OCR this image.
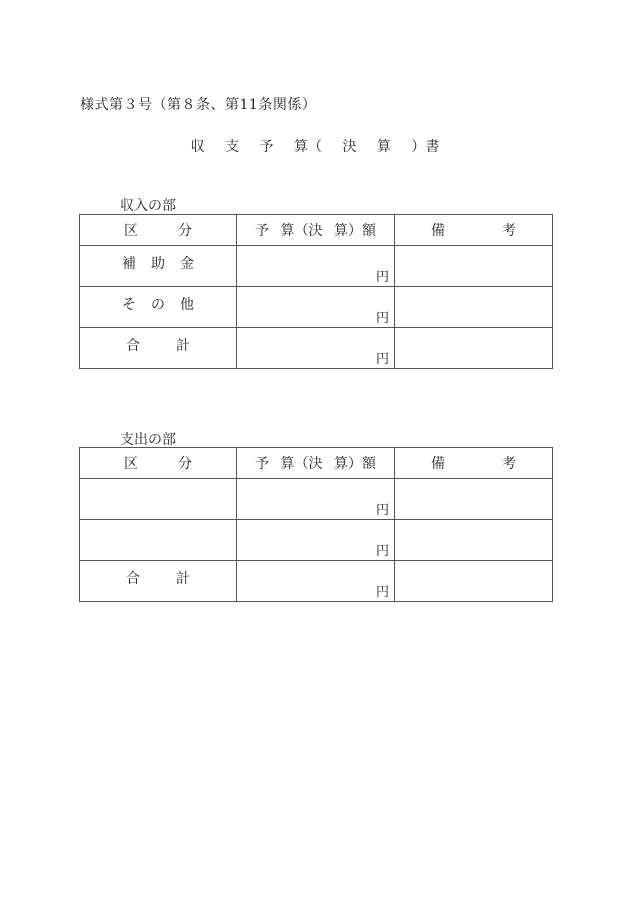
様式第３号（第８条、第11条関係）
収 支 予 算（ 決 算 ）書
収入の部
区 分	予 算（決 算）額	備 考

補 助 金	円	

そ の 他	円	

合 計	円	
支出の部
区 分	予 算（決 算）額	備 考

	円	
	円	

合 計	円	
